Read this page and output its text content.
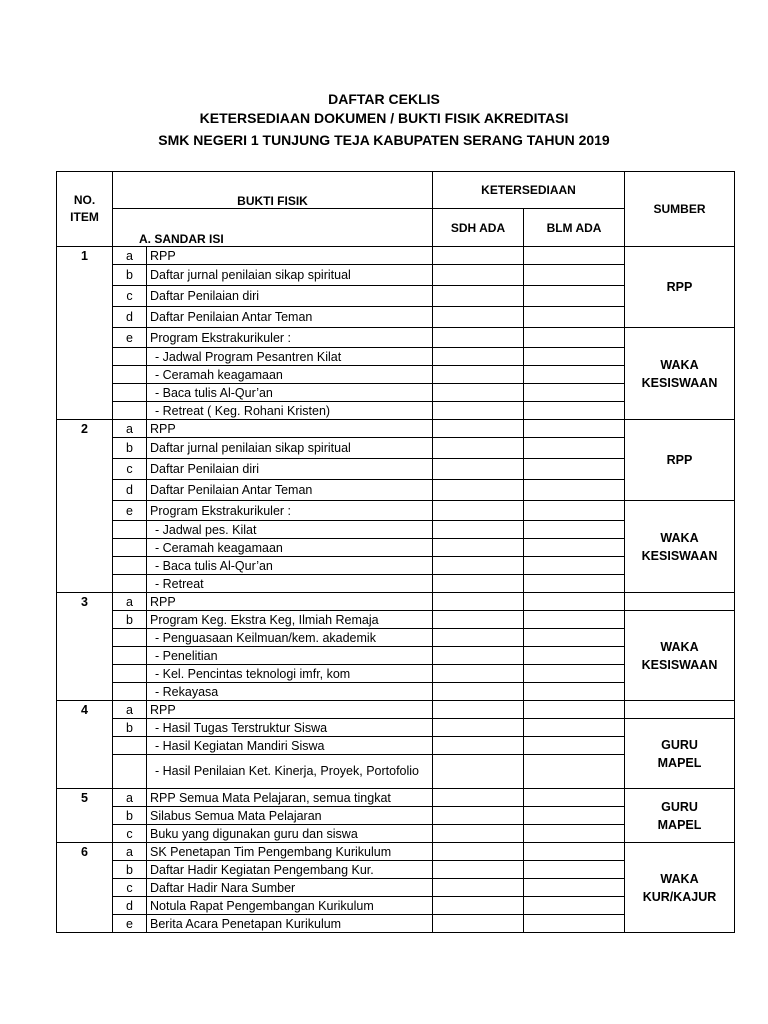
DAFTAR CEKLIS
KETERSEDIAAN DOKUMEN / BUKTI FISIK AKREDITASI
SMK NEGERI 1 TUNJUNG TEJA KABUPATEN SERANG TAHUN 2019
NO.
ITEM	BUKTI FISIK		KETERSEDIAAN		SUMBER
	A. SANDAR ISI		SDH ADA	BLM ADA	
1	a	RPP			RPP

	b	Daftar jurnal penilaian sikap spiritual			
	c	Daftar Penilaian diri			
	d	Daftar Penilaian Antar Teman			
	e	Program Ekstrakurikuler :			WAKA
KESISWAAN

		- Jadwal Program Pesantren Kilat			
		- Ceramah keagamaan			
		- Baca tulis Al-Qur’an			
		- Retreat ( Keg. Rohani Kristen)			
2	a	RPP			RPP

	b	Daftar jurnal penilaian sikap spiritual			
	c	Daftar Penilaian diri			
	d	Daftar Penilaian Antar Teman			
	e	Program Ekstrakurikuler :			WAKA
KESISWAAN

		- Jadwal pes. Kilat			
		- Ceramah keagamaan			
		- Baca tulis Al-Qur’an			
		- Retreat			
3	a	RPP			
	b	Program Keg. Ekstra Keg, Ilmiah Remaja			WAKA
KESISWAAN

		- Penguasaan Keilmuan/kem. akademik			
		- Penelitian			
		- Kel. Pencintas teknologi imfr, kom			
		- Rekayasa			
4	a	RPP			
	b	- Hasil Tugas Terstruktur Siswa			GURU
MAPEL

		- Hasil Kegiatan Mandiri Siswa			
		- Hasil Penilaian Ket. Kinerja, Proyek, Portofolio			
5	a	RPP Semua Mata Pelajaran, semua tingkat			GURU
MAPEL

	b	Silabus Semua Mata Pelajaran			
	c	Buku yang digunakan guru dan siswa			
6	a	SK Penetapan Tim Pengembang Kurikulum			WAKA
KUR/KAJUR

	b	Daftar Hadir Kegiatan Pengembang Kur.			
	c	Daftar Hadir Nara Sumber			
	d	Notula Rapat Pengembangan Kurikulum			
	e	Berita Acara Penetapan Kurikulum			
